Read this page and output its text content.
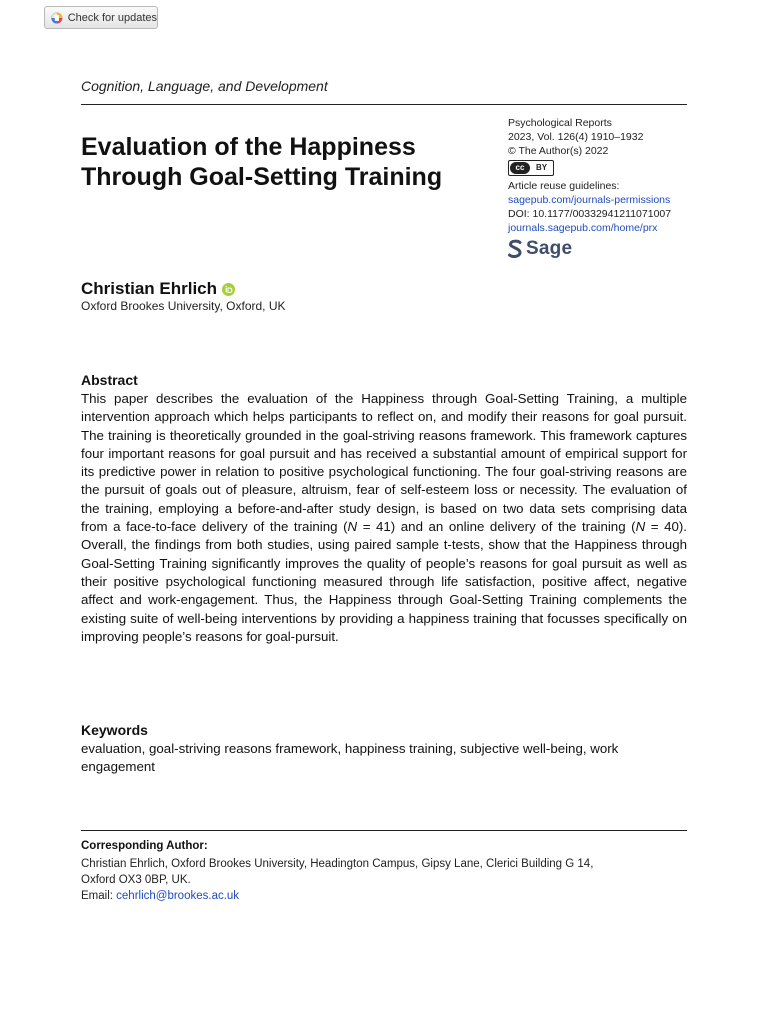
Check for updates
Cognition, Language, and Development
Evaluation of the Happiness Through Goal-Setting Training
Psychological Reports
2023, Vol. 126(4) 1910–1932
© The Author(s) 2022
cc	BY
Article reuse guidelines:
sagepub.com/journals-permissions
DOI: 10.1177/00332941211071007
journals.sagepub.com/home/prx
Sage
Christian Ehrlich
Oxford Brookes University, Oxford, UK
Abstract

This paper describes the evaluation of the Happiness through Goal-Setting Training, a multiple intervention approach which helps participants to reflect on, and modify their reasons for goal pursuit. The training is theoretically grounded in the goal-striving reasons framework. This framework captures four important reasons for goal pursuit and has received a substantial amount of empirical support for its predictive power in relation to positive psychological functioning. The four goal-striving reasons are the pursuit of goals out of pleasure, altruism, fear of self-esteem loss or necessity. The evaluation of the training, employing a before-and-after study design, is based on two data sets comprising data from a face-to-face delivery of the training (N = 41) and an online delivery of the training (N = 40). Overall, the findings from both studies, using paired sample t-tests, show that the Happiness through Goal-Setting Training significantly improves the quality of people’s reasons for goal pursuit as well as their positive psychological functioning measured through life satisfaction, positive affect, negative affect and work-engagement. Thus, the Happiness through Goal-Setting Training complements the existing suite of well-being interventions by providing a happiness training that focusses specifically on improving people’s reasons for goal-pursuit.

Keywords

evaluation, goal-striving reasons framework, happiness training, subjective well-being, work engagement

Corresponding Author:
Christian Ehrlich, Oxford Brookes University, Headington Campus, Gipsy Lane, Clerici Building G 14,
Oxford OX3 0BP, UK.
Email: cehrlich@brookes.ac.uk
